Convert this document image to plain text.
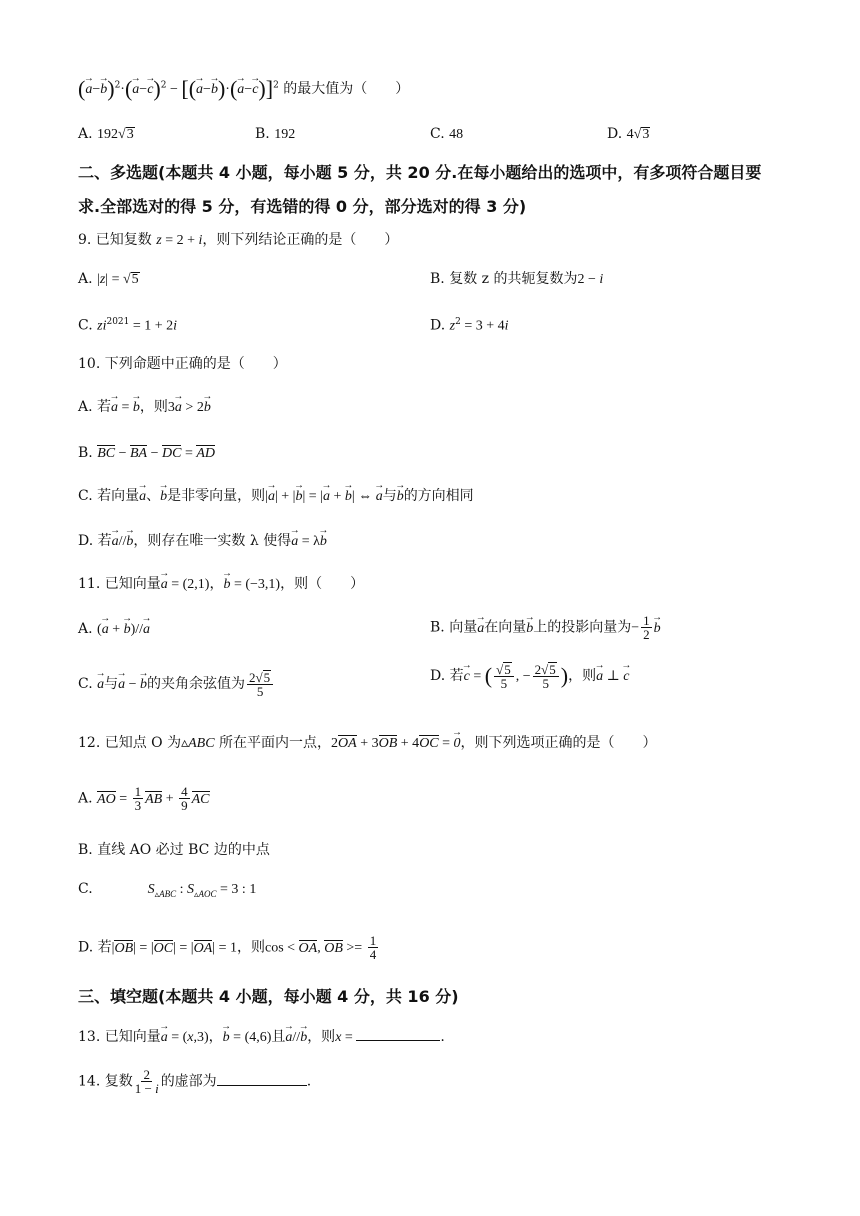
(→ $a-\to b)^2\cdot(\to a-\to c)^2$ − [(→ a−→ b)·(→ a−→ c)]$^2$ 的最大值为（　　）
A. 192√3	B. 192	C. 48	D. 4√3
二、多选题(本题共 4 小题，每小题 5 分，共 20 分.在每小题给出的选项中，有多项符合题目要
求.全部选对的得 5 分，有选错的得 0 分，部分选对的得 3 分)
9. 已知复数 z = 2 + i，则下列结论正确的是（　　）
A. |z| = √5	B. 复数 z 的共轭复数为2 − i
C. $zi^{2021} = 1 + 2i$	D. $z^2 = 3 + 4i$
10. 下列命题中正确的是（　　）
A. 若→ a = → b，则3→ a > 2→ b
B. BC − BA − DC = AD
C. 若向量→ a、→ b是非零向量，则|→ a| + |→ b| = |→ a + → b| ⇔ → a与→ b的方向相同
D. 若→ a//→ b，则存在唯一实数 λ 使得→ a = λ→ b
11. 已知向量→ a = (2,1)，→ b = (−3,1)，则（　　）
A. (→ a + → b)//→ a	B. 向量→ a在向量→ b上的投影向量为− $\frac{1}{2}$
→ b
C. → a与→ a − → b的夹角余弦值为 $\frac{2√5}{5}$	D. 若→ c = ( $\frac{√5}{5}$ , − $\frac{2√5}{5}$ )，则→ a ⊥ → c
12. 已知点 O 为▵ABC 所在平面内一点，2OA + 3OB + 4OC = → 0，则下列选项正确的是（　　）
A. AO = $\frac{1}{3}$ AB + $\frac{4}{9}$ AC
B. 直线 AO 必过 BC 边的中点
C.	$S_{▵ABC}$ : $S_{▵AOC} = 3$ : 1
D. 若|OB| = |OC| = |OA| = 1，则cos < OA, OB >= $\frac{1}{4}$
三、填空题(本题共 4 小题，每小题 4 分，共 16 分)
13. 已知向量→ a = (x,3)，→ b = (4,6)且→ a//→ b，则x =	.
14. 复数 $\frac{2}{1 - i}$ 的虚部为	.
